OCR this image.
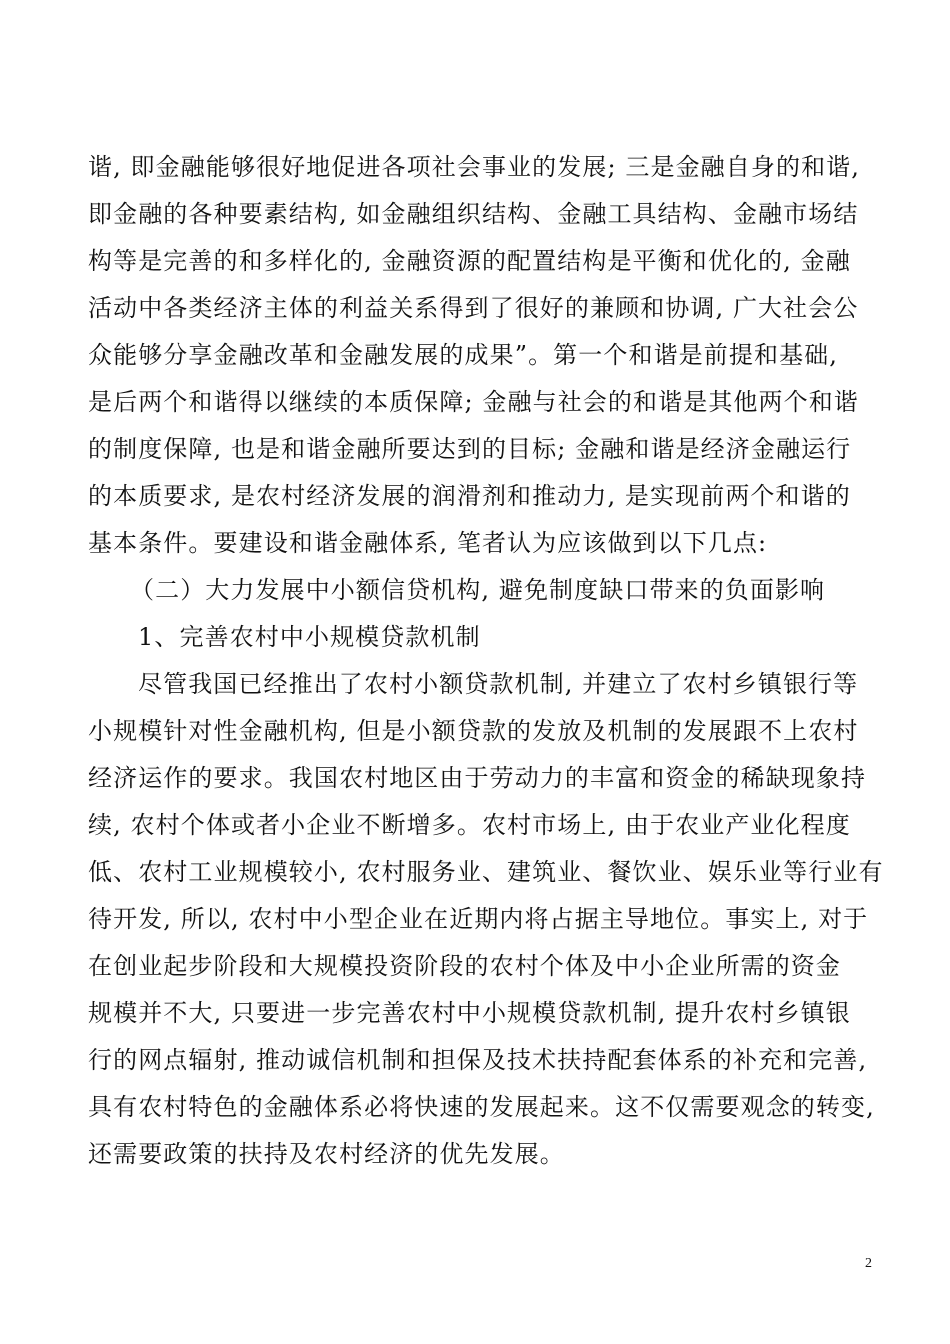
谐, 即金融能够很好地促进各项社会事业的发展; 三是金融自身的和谐,
即金融的各种要素结构, 如金融组织结构、金融工具结构、金融市场结
构等是完善的和多样化的, 金融资源的配置结构是平衡和优化的, 金融
活动中各类经济主体的利益关系得到了很好的兼顾和协调, 广大社会公
众能够分享金融改革和金融发展的成果”。第一个和谐是前提和基础,
是后两个和谐得以继续的本质保障; 金融与社会的和谐是其他两个和谐
的制度保障, 也是和谐金融所要达到的目标; 金融和谐是经济金融运行
的本质要求, 是农村经济发展的润滑剂和推动力, 是实现前两个和谐的
基本条件。要建设和谐金融体系, 笔者认为应该做到以下几点:
（二）大力发展中小额信贷机构, 避免制度缺口带来的负面影响
1、完善农村中小规模贷款机制
尽管我国已经推出了农村小额贷款机制, 并建立了农村乡镇银行等
小规模针对性金融机构, 但是小额贷款的发放及机制的发展跟不上农村
经济运作的要求。我国农村地区由于劳动力的丰富和资金的稀缺现象持
续, 农村个体或者小企业不断增多。农村市场上, 由于农业产业化程度
低、农村工业规模较小, 农村服务业、建筑业、餐饮业、娱乐业等行业有
待开发, 所以, 农村中小型企业在近期内将占据主导地位。事实上, 对于
在创业起步阶段和大规模投资阶段的农村个体及中小企业所需的资金
规模并不大, 只要进一步完善农村中小规模贷款机制, 提升农村乡镇银
行的网点辐射, 推动诚信机制和担保及技术扶持配套体系的补充和完善,
具有农村特色的金融体系必将快速的发展起来。这不仅需要观念的转变,
还需要政策的扶持及农村经济的优先发展。
2
